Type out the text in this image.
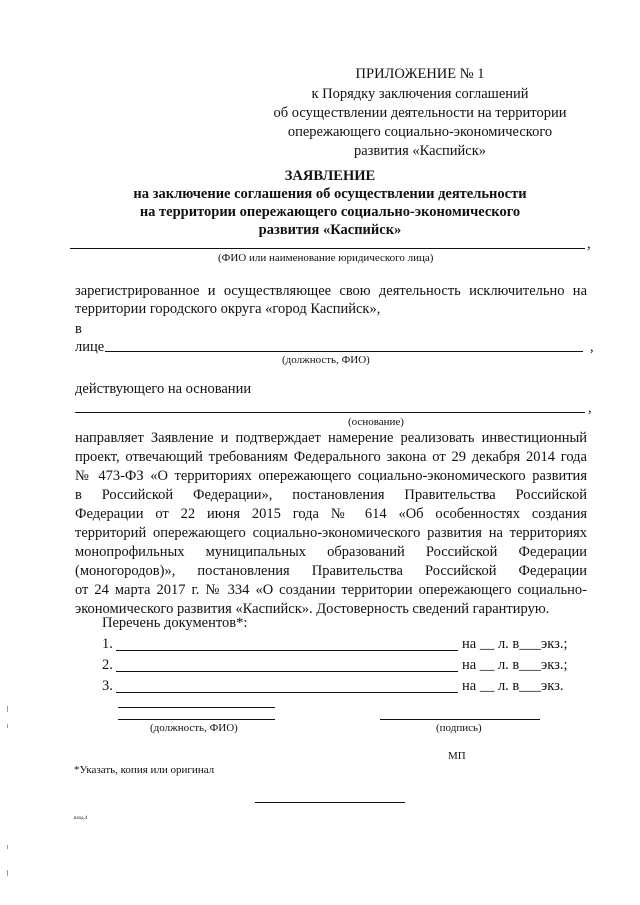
ПРИЛОЖЕНИЕ № 1
к Порядку заключения соглашений
об осуществлении деятельности на территории
опережающего социально-экономического
развития «Каспийск»
ЗАЯВЛЕНИЕ
на заключение соглашения об осуществлении деятельности
на территории опережающего социально-экономического
развития «Каспийск»
,
(ФИО или наименование юридического лица)
зарегистрированное и осуществляющее свою деятельность исключительно на
территории городского округа «город Каспийск»,
в
лице	,
(должность, ФИО)
действующего на основании
,
(основание)
направляет Заявление и подтверждает намерение реализовать инвестиционный
проект, отвечающий требованиям Федерального закона от 29 декабря 2014 года
№ 473-ФЗ «О территориях опережающего социально-экономического развития
в Российской Федерации», постановления Правительства Российской
Федерации от 22 июня 2015 года № 614 «Об особенностях создания
территорий опережающего социально-экономического развития на территориях
монопрофильных муниципальных образований Российской Федерации
(моногородов)», постановления Правительства Российской Федерации
от 24 марта 2017 г. № 334 «О создании территории опережающего социально-
экономического развития «Каспийск». Достоверность сведений гарантирую.
Перечень документов*:
1.	на __ л. в___экз.;
2.	на __ л. в___экз.;
3.	на __ л. в___экз.
(должность, ФИО)	(подпись)
МП
*Указать, копия или оригинал
вход.4
